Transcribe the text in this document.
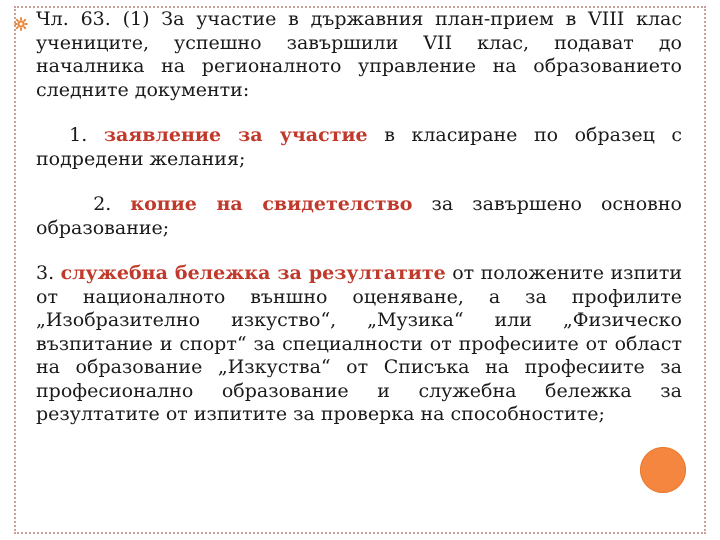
Чл. 63. (1) За участие в държавния план-прием в VIII клас учениците, успешно завършили VII клас, подават до началника на регионалното управление на образованието следните документи:

1. заявление за участие в класиране по образец с подредени желания;

2. копие на свидетелство за завършено основно образование;

3. служебна бележка за резултатите от положените изпити от националното външно оценяване, а за профилите „Изобразително изкуство“, „Музика“ или „Физическо възпитание и спорт“ за специалности от професиите от област на образование „Изкуства“ от Списъка на професиите за професионално образование и служебна бележка за резултатите от изпитите за проверка на способностите;
